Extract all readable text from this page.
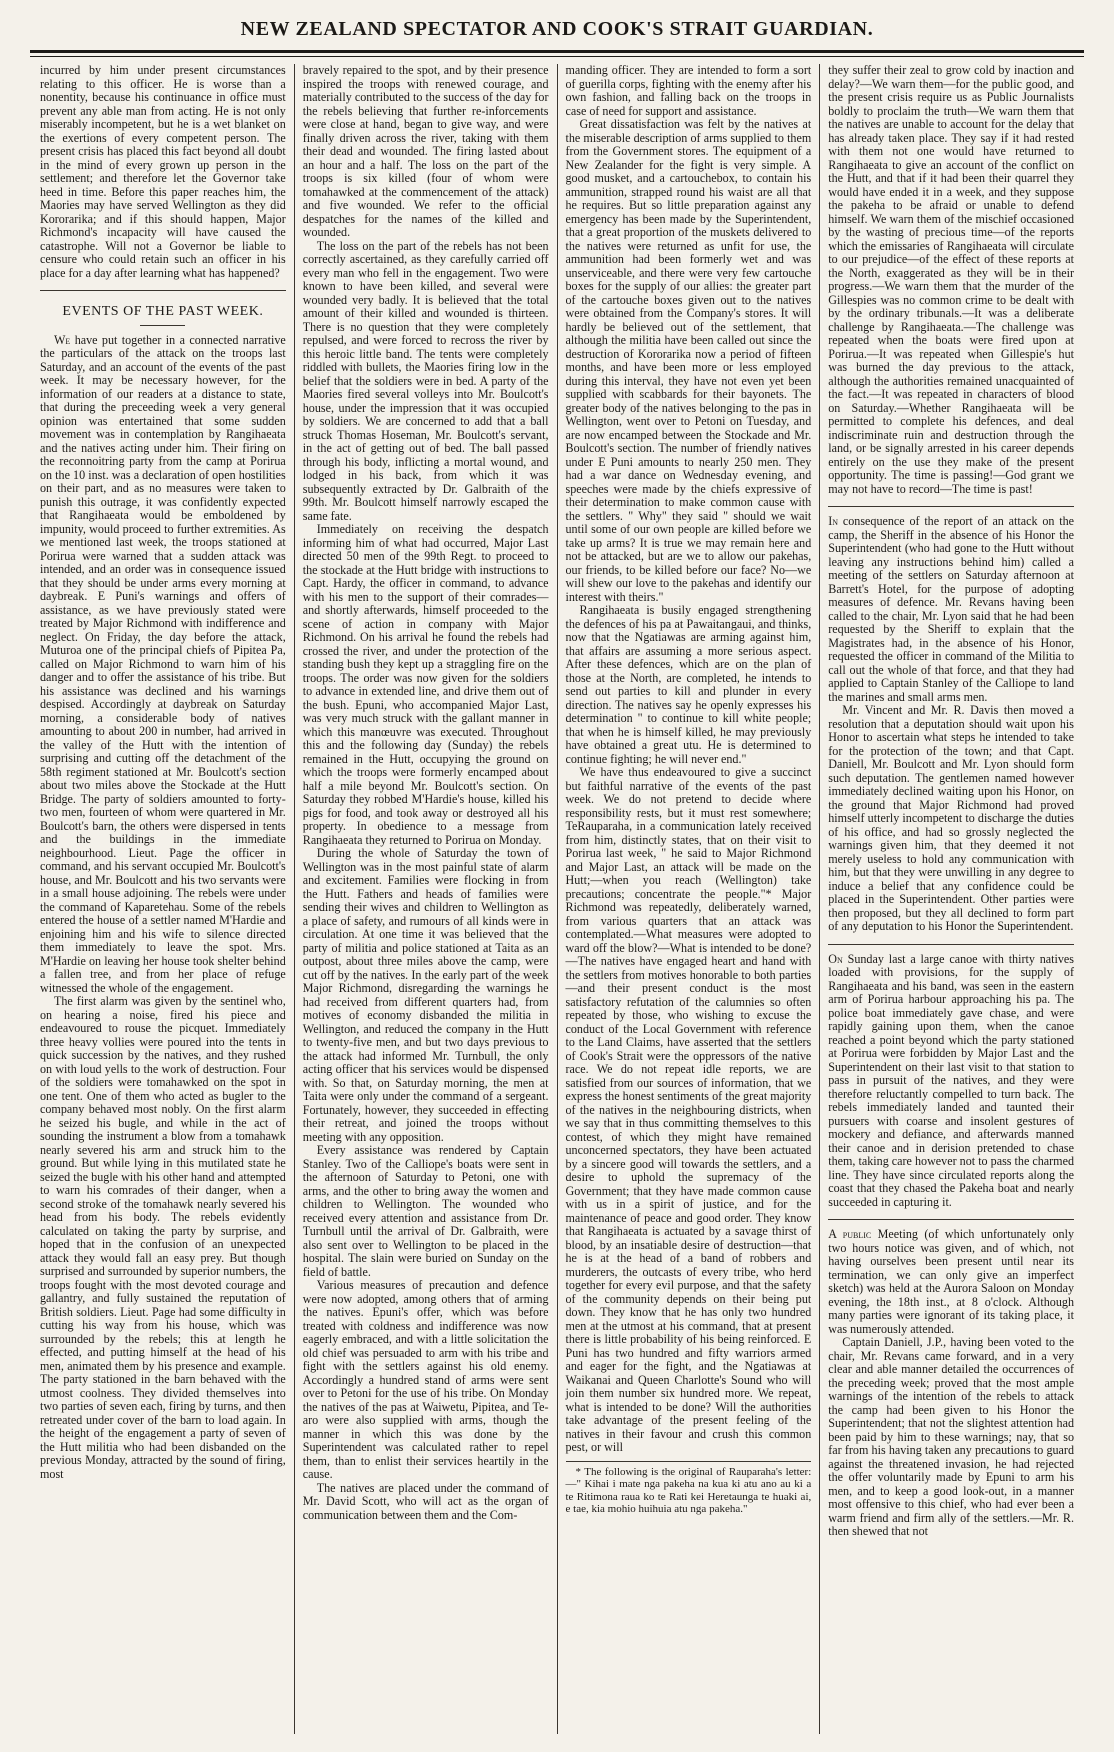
NEW ZEALAND SPECTATOR AND COOK'S STRAIT GUARDIAN.

incurred by him under present circumstances relating to this officer. He is worse than a nonentity, because his continuance in office must prevent any able man from acting. He is not only miserably incompetent, but he is a wet blanket on the exertions of every competent person. The present crisis has placed this fact beyond all doubt in the mind of every grown up person in the settlement; and therefore let the Governor take heed in time. Before this paper reaches him, the Maories may have served Wellington as they did Kororarika; and if this should happen, Major Richmond's incapacity will have caused the catastrophe. Will not a Governor be liable to censure who could retain such an officer in his place for a day after learning what has happened?

EVENTS OF THE PAST WEEK.

We have put together in a connected narrative the particulars of the attack on the troops last Saturday, and an account of the events of the past week. It may be necessary however, for the information of our readers at a distance to state, that during the preceeding week a very general opinion was entertained that some sudden movement was in contemplation by Rangihaeata and the natives acting under him. Their firing on the reconnoitring party from the camp at Porirua on the 10 inst. was a declaration of open hostilities on their part, and as no measures were taken to punish this outrage, it was confidently expected that Rangihaeata would be emboldened by impunity, would proceed to further extremities. As we mentioned last week, the troops stationed at Porirua were warned that a sudden attack was intended, and an order was in consequence issued that they should be under arms every morning at daybreak. E Puni's warnings and offers of assistance, as we have previously stated were treated by Major Richmond with indifference and neglect. On Friday, the day before the attack, Muturoa one of the principal chiefs of Pipitea Pa, called on Major Richmond to warn him of his danger and to offer the assistance of his tribe. But his assistance was declined and his warnings despised. Accordingly at daybreak on Saturday morning, a considerable body of natives amounting to about 200 in number, had arrived in the valley of the Hutt with the intention of surprising and cutting off the detachment of the 58th regiment stationed at Mr. Boulcott's section about two miles above the Stockade at the Hutt Bridge. The party of soldiers amounted to forty-two men, fourteen of whom were quartered in Mr. Boulcott's barn, the others were dispersed in tents and the buildings in the immediate neighbourhood. Lieut. Page the officer in command, and his servant occupied Mr. Boulcott's house, and Mr. Boulcott and his two servants were in a small house adjoining. The rebels were under the command of Kaparetehau. Some of the rebels entered the house of a settler named M'Hardie and enjoining him and his wife to silence directed them immediately to leave the spot. Mrs. M'Hardie on leaving her house took shelter behind a fallen tree, and from her place of refuge witnessed the whole of the engagement.

The first alarm was given by the sentinel who, on hearing a noise, fired his piece and endeavoured to rouse the picquet. Immediately three heavy vollies were poured into the tents in quick succession by the natives, and they rushed on with loud yells to the work of destruction. Four of the soldiers were tomahawked on the spot in one tent. One of them who acted as bugler to the company behaved most nobly. On the first alarm he seized his bugle, and while in the act of sounding the instrument a blow from a tomahawk nearly severed his arm and struck him to the ground. But while lying in this mutilated state he seized the bugle with his other hand and attempted to warn his comrades of their danger, when a second stroke of the tomahawk nearly severed his head from his body. The rebels evidently calculated on taking the party by surprise, and hoped that in the confusion of an unexpected attack they would fall an easy prey. But though surprised and surrounded by superior numbers, the troops fought with the most devoted courage and gallantry, and fully sustained the reputation of British soldiers. Lieut. Page had some difficulty in cutting his way from his house, which was surrounded by the rebels; this at length he effected, and putting himself at the head of his men, animated them by his presence and example. The party stationed in the barn behaved with the utmost coolness. They divided themselves into two parties of seven each, firing by turns, and then retreated under cover of the barn to load again. In the height of the engagement a party of seven of the Hutt militia who had been disbanded on the previous Monday, attracted by the sound of firing, most

bravely repaired to the spot, and by their presence inspired the troops with renewed courage, and materially contributed to the success of the day for the rebels believing that further re-inforcements were close at hand, began to give way, and were finally driven across the river, taking with them their dead and wounded. The firing lasted about an hour and a half. The loss on the part of the troops is six killed (four of whom were tomahawked at the commencement of the attack) and five wounded. We refer to the official despatches for the names of the killed and wounded.

The loss on the part of the rebels has not been correctly ascertained, as they carefully carried off every man who fell in the engagement. Two were known to have been killed, and several were wounded very badly. It is believed that the total amount of their killed and wounded is thirteen. There is no question that they were completely repulsed, and were forced to recross the river by this heroic little band. The tents were completely riddled with bullets, the Maories firing low in the belief that the soldiers were in bed. A party of the Maories fired several volleys into Mr. Boulcott's house, under the impression that it was occupied by soldiers. We are concerned to add that a ball struck Thomas Hoseman, Mr. Boulcott's servant, in the act of getting out of bed. The ball passed through his body, inflicting a mortal wound, and lodged in his back, from which it was subsequently extracted by Dr. Galbraith of the 99th. Mr. Boulcott himself narrowly escaped the same fate.

Immediately on receiving the despatch informing him of what had occurred, Major Last directed 50 men of the 99th Regt. to proceed to the stockade at the Hutt bridge with instructions to Capt. Hardy, the officer in command, to advance with his men to the support of their comrades—and shortly afterwards, himself proceeded to the scene of action in company with Major Richmond. On his arrival he found the rebels had crossed the river, and under the protection of the standing bush they kept up a straggling fire on the troops. The order was now given for the soldiers to advance in extended line, and drive them out of the bush. Epuni, who accompanied Major Last, was very much struck with the gallant manner in which this manœuvre was executed. Throughout this and the following day (Sunday) the rebels remained in the Hutt, occupying the ground on which the troops were formerly encamped about half a mile beyond Mr. Boulcott's section. On Saturday they robbed M'Hardie's house, killed his pigs for food, and took away or destroyed all his property. In obedience to a message from Rangihaeata they returned to Porirua on Monday.

During the whole of Saturday the town of Wellington was in the most painful state of alarm and excitement. Families were flocking in from the Hutt. Fathers and heads of families were sending their wives and children to Wellington as a place of safety, and rumours of all kinds were in circulation. At one time it was believed that the party of militia and police stationed at Taita as an outpost, about three miles above the camp, were cut off by the natives. In the early part of the week Major Richmond, disregarding the warnings he had received from different quarters had, from motives of economy disbanded the militia in Wellington, and reduced the company in the Hutt to twenty-five men, and but two days previous to the attack had informed Mr. Turnbull, the only acting officer that his services would be dispensed with. So that, on Saturday morning, the men at Taita were only under the command of a sergeant. Fortunately, however, they succeeded in effecting their retreat, and joined the troops without meeting with any opposition.

Every assistance was rendered by Captain Stanley. Two of the Calliope's boats were sent in the afternoon of Saturday to Petoni, one with arms, and the other to bring away the women and children to Wellington. The wounded who received every attention and assistance from Dr. Turnbull until the arrival of Dr. Galbraith, were also sent over to Wellington to be placed in the hospital. The slain were buried on Sunday on the field of battle.

Various measures of precaution and defence were now adopted, among others that of arming the natives. Epuni's offer, which was before treated with coldness and indifference was now eagerly embraced, and with a little solicitation the old chief was persuaded to arm with his tribe and fight with the settlers against his old enemy. Accordingly a hundred stand of arms were sent over to Petoni for the use of his tribe. On Monday the natives of the pas at Waiwetu, Pipitea, and Te-aro were also supplied with arms, though the manner in which this was done by the Superintendent was calculated rather to repel them, than to enlist their services heartily in the cause.

The natives are placed under the command of Mr. David Scott, who will act as the organ of communication between them and the Com-

manding officer. They are intended to form a sort of guerilla corps, fighting with the enemy after his own fashion, and falling back on the troops in case of need for support and assistance.

Great dissatisfaction was felt by the natives at the miserable description of arms supplied to them from the Government stores. The equipment of a New Zealander for the fight is very simple. A good musket, and a cartouchebox, to contain his ammunition, strapped round his waist are all that he requires. But so little preparation against any emergency has been made by the Superintendent, that a great proportion of the muskets delivered to the natives were returned as unfit for use, the ammunition had been formerly wet and was unserviceable, and there were very few cartouche boxes for the supply of our allies: the greater part of the cartouche boxes given out to the natives were obtained from the Company's stores. It will hardly be believed out of the settlement, that although the militia have been called out since the destruction of Kororarika now a period of fifteen months, and have been more or less employed during this interval, they have not even yet been supplied with scabbards for their bayonets. The greater body of the natives belonging to the pas in Wellington, went over to Petoni on Tuesday, and are now encamped between the Stockade and Mr. Boulcott's section. The number of friendly natives under E Puni amounts to nearly 250 men. They had a war dance on Wednesday evening, and speeches were made by the chiefs expressive of their determination to make common cause with the settlers. " Why" they said " should we wait until some of our own people are killed before we take up arms? It is true we may remain here and not be attacked, but are we to allow our pakehas, our friends, to be killed before our face? No—we will shew our love to the pakehas and identify our interest with theirs."

Rangihaeata is busily engaged strengthening the defences of his pa at Pawaitangaui, and thinks, now that the Ngatiawas are arming against him, that affairs are assuming a more serious aspect. After these defences, which are on the plan of those at the North, are completed, he intends to send out parties to kill and plunder in every direction. The natives say he openly expresses his determination " to continue to kill white people; that when he is himself killed, he may previously have obtained a great utu. He is determined to continue fighting; he will never end."

We have thus endeavoured to give a succinct but faithful narrative of the events of the past week. We do not pretend to decide where responsibility rests, but it must rest somewhere; TeRauparaha, in a communication lately received from him, distinctly states, that on their visit to Porirua last week, " he said to Major Richmond and Major Last, an attack will be made on the Hutt;—when you reach (Wellington) take precautions; concentrate the people."* Major Richmond was repeatedly, deliberately warned, from various quarters that an attack was contemplated.—What measures were adopted to ward off the blow?—What is intended to be done?—The natives have engaged heart and hand with the settlers from motives honorable to both parties—and their present conduct is the most satisfactory refutation of the calumnies so often repeated by those, who wishing to excuse the conduct of the Local Government with reference to the Land Claims, have asserted that the settlers of Cook's Strait were the oppressors of the native race. We do not repeat idle reports, we are satisfied from our sources of information, that we express the honest sentiments of the great majority of the natives in the neighbouring districts, when we say that in thus committing themselves to this contest, of which they might have remained unconcerned spectators, they have been actuated by a sincere good will towards the settlers, and a desire to uphold the supremacy of the Government; that they have made common cause with us in a spirit of justice, and for the maintenance of peace and good order. They know that Rangihaeata is actuated by a savage thirst of blood, by an insatiable desire of destruction—that he is at the head of a band of robbers and murderers, the outcasts of every tribe, who herd together for every evil purpose, and that the safety of the community depends on their being put down. They know that he has only two hundred men at the utmost at his command, that at present there is little probability of his being reinforced. E Puni has two hundred and fifty warriors armed and eager for the fight, and the Ngatiawas at Waikanai and Queen Charlotte's Sound who will join them number six hundred more. We repeat, what is intended to be done? Will the authorities take advantage of the present feeling of the natives in their favour and crush this common pest, or will

* The following is the original of Rauparaha's letter:—" Kihai i mate nga pakeha na kua ki atu ano au ki a te Ritimona raua ko te Rati kei Heretaunga te huaki ai, e tae, kia mohio huihuia atu nga pakeha."

they suffer their zeal to grow cold by inaction and delay?—We warn them—for the public good, and the present crisis require us as Public Journalists boldly to proclaim the truth—We warn them that the natives are unable to account for the delay that has already taken place. They say if it had rested with them not one would have returned to Rangihaeata to give an account of the conflict on the Hutt, and that if it had been their quarrel they would have ended it in a week, and they suppose the pakeha to be afraid or unable to defend himself. We warn them of the mischief occasioned by the wasting of precious time—of the reports which the emissaries of Rangihaeata will circulate to our prejudice—of the effect of these reports at the North, exaggerated as they will be in their progress.—We warn them that the murder of the Gillespies was no common crime to be dealt with by the ordinary tribunals.—It was a deliberate challenge by Rangihaeata.—The challenge was repeated when the boats were fired upon at Porirua.—It was repeated when Gillespie's hut was burned the day previous to the attack, although the authorities remained unacquainted of the fact.—It was repeated in characters of blood on Saturday.—Whether Rangihaeata will be permitted to complete his defences, and deal indiscriminate ruin and destruction through the land, or be signally arrested in his career depends entirely on the use they make of the present opportunity. The time is passing!—God grant we may not have to record—The time is past!

In consequence of the report of an attack on the camp, the Sheriff in the absence of his Honor the Superintendent (who had gone to the Hutt without leaving any instructions behind him) called a meeting of the settlers on Saturday afternoon at Barrett's Hotel, for the purpose of adopting measures of defence. Mr. Revans having been called to the chair, Mr. Lyon said that he had been requested by the Sheriff to explain that the Magistrates had, in the absence of his Honor, requested the officer in command of the Militia to call out the whole of that force, and that they had applied to Captain Stanley of the Calliope to land the marines and small arms men.

Mr. Vincent and Mr. R. Davis then moved a resolution that a deputation should wait upon his Honor to ascertain what steps he intended to take for the protection of the town; and that Capt. Daniell, Mr. Boulcott and Mr. Lyon should form such deputation. The gentlemen named however immediately declined waiting upon his Honor, on the ground that Major Richmond had proved himself utterly incompetent to discharge the duties of his office, and had so grossly neglected the warnings given him, that they deemed it not merely useless to hold any communication with him, but that they were unwilling in any degree to induce a belief that any confidence could be placed in the Superintendent. Other parties were then proposed, but they all declined to form part of any deputation to his Honor the Superintendent.

On Sunday last a large canoe with thirty natives loaded with provisions, for the supply of Rangihaeata and his band, was seen in the eastern arm of Porirua harbour approaching his pa. The police boat immediately gave chase, and were rapidly gaining upon them, when the canoe reached a point beyond which the party stationed at Porirua were forbidden by Major Last and the Superintendent on their last visit to that station to pass in pursuit of the natives, and they were therefore reluctantly compelled to turn back. The rebels immediately landed and taunted their pursuers with coarse and insolent gestures of mockery and defiance, and afterwards manned their canoe and in derision pretended to chase them, taking care however not to pass the charmed line. They have since circulated reports along the coast that they chased the Pakeha boat and nearly succeeded in capturing it.

A public Meeting (of which unfortunately only two hours notice was given, and of which, not having ourselves been present until near its termination, we can only give an imperfect sketch) was held at the Aurora Saloon on Monday evening, the 18th inst., at 8 o'clock. Although many parties were ignorant of its taking place, it was numerously attended.

Captain Daniell, J.P., having been voted to the chair, Mr. Revans came forward, and in a very clear and able manner detailed the occurrences of the preceding week; proved that the most ample warnings of the intention of the rebels to attack the camp had been given to his Honor the Superintendent; that not the slightest attention had been paid by him to these warnings; nay, that so far from his having taken any precautions to guard against the threatened invasion, he had rejected the offer voluntarily made by Epuni to arm his men, and to keep a good look-out, in a manner most offensive to this chief, who had ever been a warm friend and firm ally of the settlers.—Mr. R. then shewed that not
